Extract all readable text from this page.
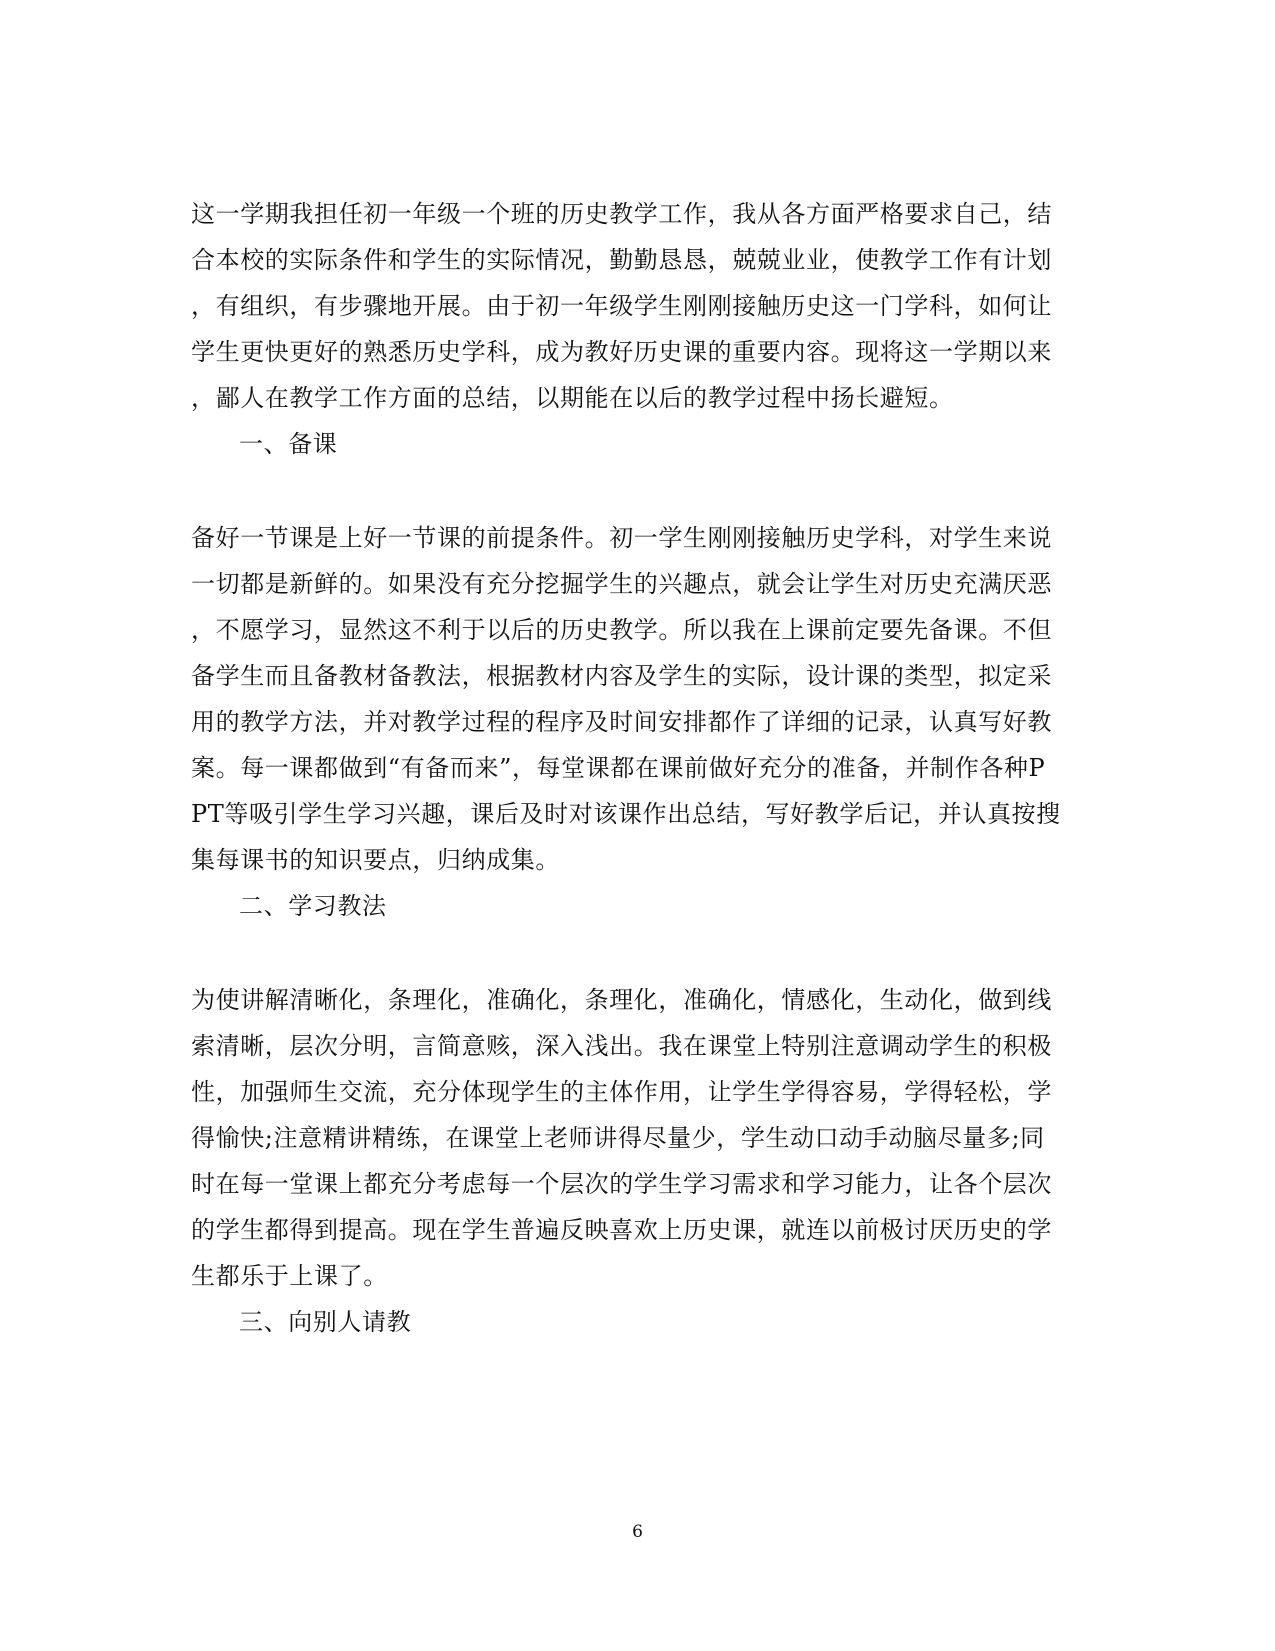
这一学期我担任初一年级一个班的历史教学工作，我从各方面严格要求自己，结
合本校的实际条件和学生的实际情况，勤勤恳恳，兢兢业业，使教学工作有计划
，有组织，有步骤地开展。由于初一年级学生刚刚接触历史这一门学科，如何让
学生更快更好的熟悉历史学科，成为教好历史课的重要内容。现将这一学期以来
，鄙人在教学工作方面的总结，以期能在以后的教学过程中扬长避短。
一、备课
备好一节课是上好一节课的前提条件。初一学生刚刚接触历史学科，对学生来说
一切都是新鲜的。如果没有充分挖掘学生的兴趣点，就会让学生对历史充满厌恶
，不愿学习，显然这不利于以后的历史教学。所以我在上课前定要先备课。不但
备学生而且备教材备教法，根据教材内容及学生的实际，设计课的类型，拟定采
用的教学方法，并对教学过程的程序及时间安排都作了详细的记录，认真写好教
案。每一课都做到“有备而来”，每堂课都在课前做好充分的准备，并制作各种P
PT等吸引学生学习兴趣，课后及时对该课作出总结，写好教学后记，并认真按搜
集每课书的知识要点，归纳成集。
二、学习教法
为使讲解清晰化，条理化，准确化，条理化，准确化，情感化，生动化，做到线
索清晰，层次分明，言简意赅，深入浅出。我在课堂上特别注意调动学生的积极
性，加强师生交流，充分体现学生的主体作用，让学生学得容易，学得轻松，学
得愉快;注意精讲精练，在课堂上老师讲得尽量少，学生动口动手动脑尽量多;同
时在每一堂课上都充分考虑每一个层次的学生学习需求和学习能力，让各个层次
的学生都得到提高。现在学生普遍反映喜欢上历史课，就连以前极讨厌历史的学
生都乐于上课了。
三、向别人请教
6
